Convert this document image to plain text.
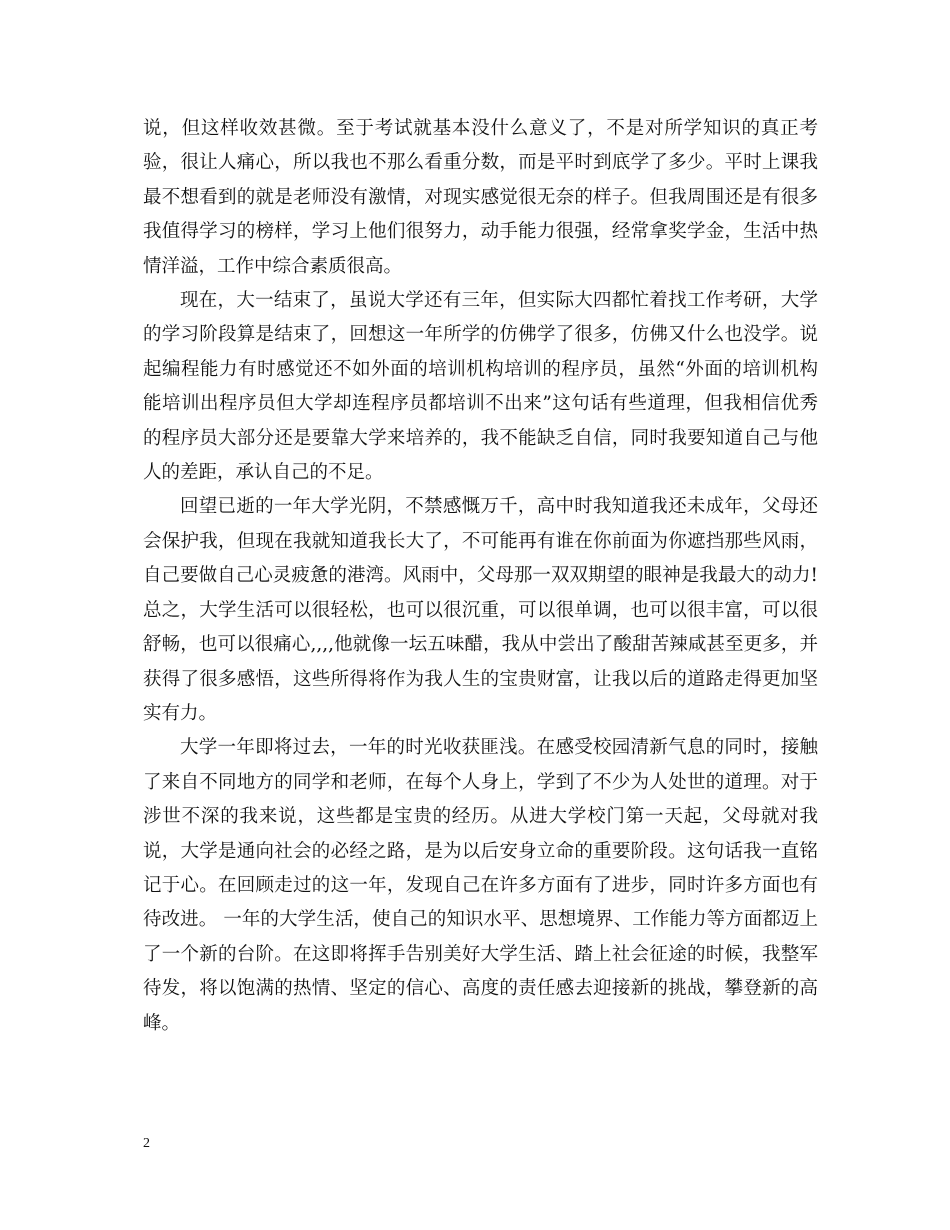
说，但这样收效甚微。至于考试就基本没什么意义了，不是对所学知识的真正考验，很让人痛心，所以我也不那么看重分数，而是平时到底学了多少。平时上课我最不想看到的就是老师没有激情，对现实感觉很无奈的样子。但我周围还是有很多我值得学习的榜样，学习上他们很努力，动手能力很强，经常拿奖学金，生活中热情洋溢，工作中综合素质很高。

现在，大一结束了，虽说大学还有三年，但实际大四都忙着找工作考研，大学的学习阶段算是结束了，回想这一年所学的仿佛学了很多，仿佛又什么也没学。说起编程能力有时感觉还不如外面的培训机构培训的程序员，虽然“外面的培训机构能培训出程序员但大学却连程序员都培训不出来”这句话有些道理，但我相信优秀的程序员大部分还是要靠大学来培养的，我不能缺乏自信，同时我要知道自己与他人的差距，承认自己的不足。

回望已逝的一年大学光阴，不禁感慨万千，高中时我知道我还未成年，父母还会保护我，但现在我就知道我长大了，不可能再有谁在你前面为你遮挡那些风雨，自己要做自己心灵疲惫的港湾。风雨中，父母那一双双期望的眼神是我最大的动力!总之，大学生活可以很轻松，也可以很沉重，可以很单调，也可以很丰富，可以很舒畅，也可以很痛心,,,,他就像一坛五味醋，我从中尝出了酸甜苦辣咸甚至更多，并获得了很多感悟，这些所得将作为我人生的宝贵财富，让我以后的道路走得更加坚实有力。

大学一年即将过去，一年的时光收获匪浅。在感受校园清新气息的同时，接触了来自不同地方的同学和老师，在每个人身上，学到了不少为人处世的道理。对于涉世不深的我来说，这些都是宝贵的经历。从进大学校门第一天起，父母就对我说，大学是通向社会的必经之路，是为以后安身立命的重要阶段。这句话我一直铭记于心。在回顾走过的这一年，发现自己在许多方面有了进步，同时许多方面也有待改进。 一年的大学生活，使自己的知识水平、思想境界、工作能力等方面都迈上了一个新的台阶。在这即将挥手告别美好大学生活、踏上社会征途的时候，我整军待发，将以饱满的热情、坚定的信心、高度的责任感去迎接新的挑战，攀登新的高峰。

2
